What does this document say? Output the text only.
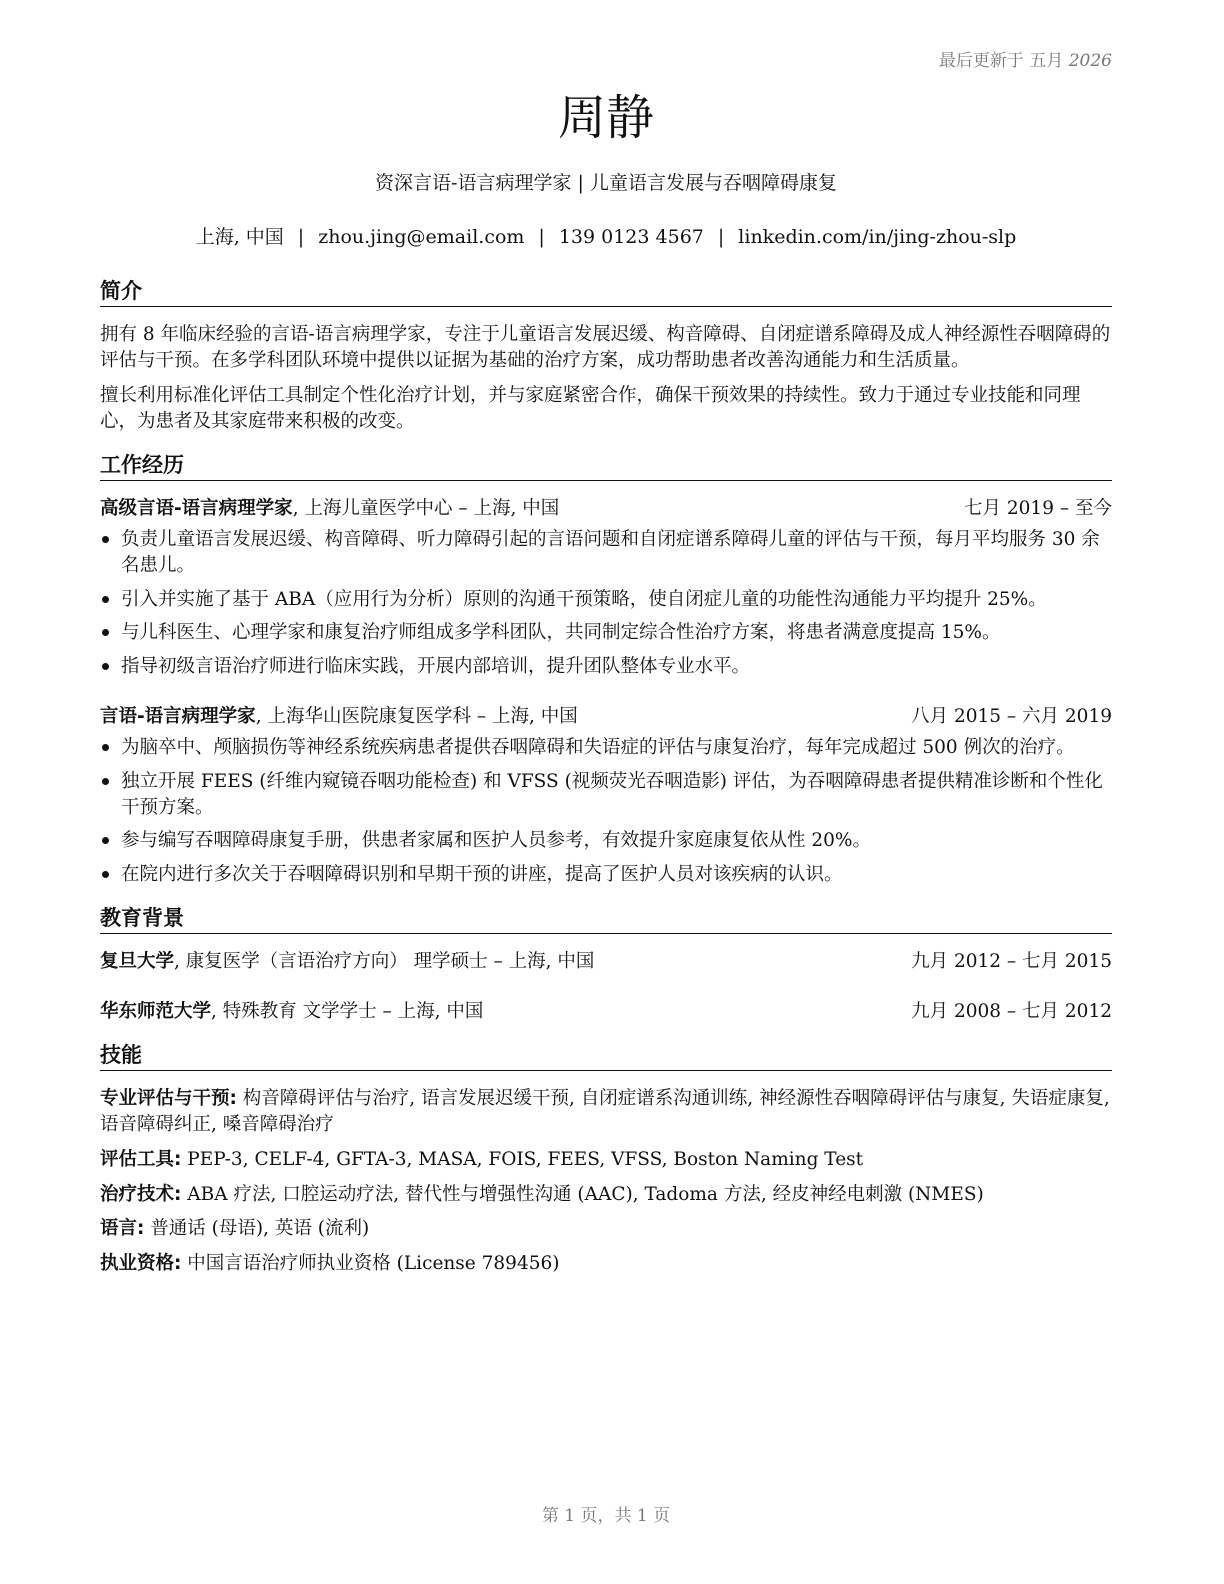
最后更新于 五月 2026
周静
资深言语-语言病理学家 | 儿童语言发展与吞咽障碍康复
上海, 中国 | zhou.jing@email.com | 139 0123 4567 | linkedin.com/in/jing-zhou-slp
简介

拥有 8 年临床经验的言语-语言病理学家，专注于儿童语言发展迟缓、构音障碍、自闭症谱系障碍及成人神经源性吞咽障碍的评估与干预。在多学科团队环境中提供以证据为基础的治疗方案，成功帮助患者改善沟通能力和生活质量。

擅长利用标准化评估工具制定个性化治疗计划，并与家庭紧密合作，确保干预效果的持续性。致力于通过专业技能和同理心，为患者及其家庭带来积极的改变。

工作经历
高级言语-语言病理学家, 上海儿童医学中心 – 上海, 中国	七月 2019 – 至今
负责儿童语言发展迟缓、构音障碍、听力障碍引起的言语问题和自闭症谱系障碍儿童的评估与干预，每月平均服务 30 余名患儿。
引入并实施了基于 ABA（应用行为分析）原则的沟通干预策略，使自闭症儿童的功能性沟通能力平均提升 25%。
与儿科医生、心理学家和康复治疗师组成多学科团队，共同制定综合性治疗方案，将患者满意度提高 15%。
指导初级言语治疗师进行临床实践，开展内部培训，提升团队整体专业水平。
言语-语言病理学家, 上海华山医院康复医学科 – 上海, 中国	八月 2015 – 六月 2019
为脑卒中、颅脑损伤等神经系统疾病患者提供吞咽障碍和失语症的评估与康复治疗，每年完成超过 500 例次的治疗。
独立开展 FEES (纤维内窥镜吞咽功能检查) 和 VFSS (视频荧光吞咽造影) 评估，为吞咽障碍患者提供精准诊断和个性化干预方案。
参与编写吞咽障碍康复手册，供患者家属和医护人员参考，有效提升家庭康复依从性 20%。
在院内进行多次关于吞咽障碍识别和早期干预的讲座，提高了医护人员对该疾病的认识。
教育背景
复旦大学, 康复医学（言语治疗方向） 理学硕士 – 上海, 中国	九月 2012 – 七月 2015
华东师范大学, 特殊教育 文学学士 – 上海, 中国	九月 2008 – 七月 2012
技能
专业评估与干预: 构音障碍评估与治疗, 语言发展迟缓干预, 自闭症谱系沟通训练, 神经源性吞咽障碍评估与康复, 失语症康复, 语音障碍纠正, 嗓音障碍治疗
评估工具: PEP-3, CELF-4, GFTA-3, MASA, FOIS, FEES, VFSS, Boston Naming Test
治疗技术: ABA 疗法, 口腔运动疗法, 替代性与增强性沟通 (AAC), Tadoma 方法, 经皮神经电刺激 (NMES)
语言: 普通话 (母语), 英语 (流利)
执业资格: 中国言语治疗师执业资格 (License 789456)
第 1 页，共 1 页
